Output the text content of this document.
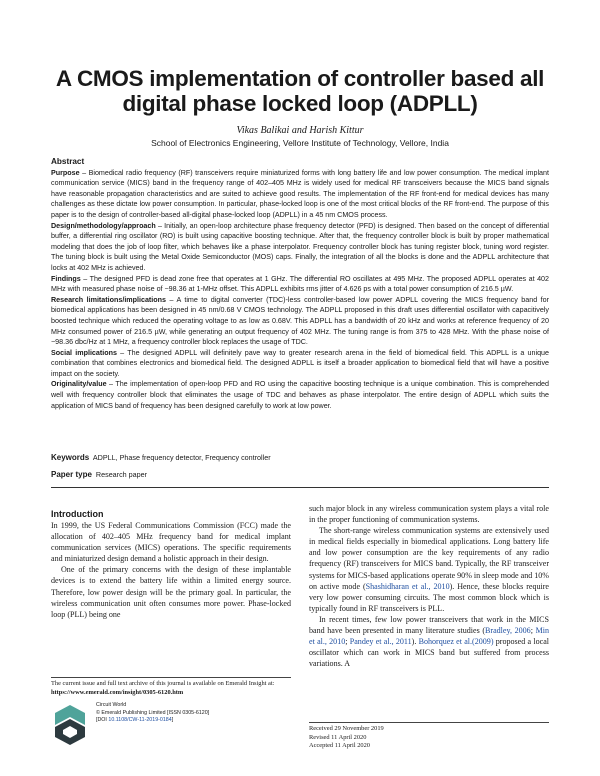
A CMOS implementation of controller based all digital phase locked loop (ADPLL)
Vikas Balikai and Harish Kittur
School of Electronics Engineering, Vellore Institute of Technology, Vellore, India
Abstract

Purpose – Biomedical radio frequency (RF) transceivers require miniaturized forms with long battery life and low power consumption. The medical implant communication service (MICS) band in the frequency range of 402–405 MHz is widely used for medical RF transceivers because the MICS band signals have reasonable propagation characteristics and are suited to achieve good results. The implementation of the RF front-end for medical devices has many challenges as these dictate low power consumption. In particular, phase-locked loop is one of the most critical blocks of the RF front-end. The purpose of this paper is to the design of controller-based all-digital phase-locked loop (ADPLL) in a 45 nm CMOS process.

Design/methodology/approach – Initially, an open-loop architecture phase frequency detector (PFD) is designed. Then based on the concept of differential buffer, a differential ring oscillator (RO) is built using capacitive boosting technique. After that, the frequency controller block is built by proper mathematical modeling that does the job of loop filter, which behaves like a phase interpolator. Frequency controller block has tuning register block, tuning word register. The tuning block is built using the Metal Oxide Semiconductor (MOS) caps. Finally, the integration of all the blocks is done and the ADPLL architecture that locks at 402 MHz is achieved.

Findings – The designed PFD is dead zone free that operates at 1 GHz. The differential RO oscillates at 495 MHz. The proposed ADPLL operates at 402 MHz with measured phase noise of −98.36 at 1-MHz offset. This ADPLL exhibits rms jitter of 4.626 ps with a total power consumption of 216.5 µW.

Research limitations/implications – A time to digital converter (TDC)-less controller-based low power ADPLL covering the MICS frequency band for biomedical applications has been designed in 45 nm/0.68 V CMOS technology. The ADPLL proposed in this draft uses differential oscillator with capacitively boosted technique which reduced the operating voltage to as low as 0.68V. This ADPLL has a bandwidth of 20 kHz and works at reference frequency of 20 MHz consumed power of 216.5 µW, while generating an output frequency of 402 MHz. The tuning range is from 375 to 428 MHz. With the phase noise of −98.36 dbc/Hz at 1 MHz, a frequency controller block replaces the usage of TDC.

Social implications – The designed ADPLL will definitely pave way to greater research arena in the field of biomedical field. This ADPLL is a unique combination that combines electronics and biomedical field. The designed ADPLL is itself a broader application to biomedical field that will have a positive impact on the society.

Originality/value – The implementation of open-loop PFD and RO using the capacitive boosting technique is a unique combination. This is comprehended well with frequency controller block that eliminates the usage of TDC and behaves as phase interpolator. The entire design of ADPLL which suits the application of MICS band of frequency has been designed carefully to work at low power.

Keywords ADPLL, Phase frequency detector, Frequency controller
Paper type Research paper
Introduction

In 1999, the US Federal Communications Commission (FCC) made the allocation of 402–405 MHz frequency band for medical implant communication services (MICS) operations. The specific requirements and miniaturized design demand a holistic approach in their design.

One of the primary concerns with the design of these implantable devices is to extend the battery life within a limited energy source. Therefore, low power design will be the primary goal. In particular, the wireless communication unit often consumes more power. Phase-locked loop (PLL) being one

such major block in any wireless communication system plays a vital role in the proper functioning of communication systems.

The short-range wireless communication systems are extensively used in medical fields especially in biomedical applications. Long battery life and low power consumption are the key requirements of any radio frequency (RF) transceivers for MICS band. Typically, the RF transceiver systems for MICS-based applications operate 90% in sleep mode and 10% on active mode (Shashidharan et al., 2010). Hence, these blocks require very low power consuming circuits. The most common block which is typically found in RF transceivers is PLL.

In recent times, few low power transceivers that work in the MICS band have been presented in many literature studies (Bradley, 2006; Min et al., 2010; Pandey et al., 2011). Bohorquez et al.(2009) proposed a local oscillator which can work in MICS band but suffered from process variations. A

The current issue and full text archive of this journal is available on Emerald Insight at: https://www.emerald.com/insight/0305-6120.htm
Circuit World
© Emerald Publishing Limited [ISSN 0305-6120]
[DOI 10.1108/CW-11-2019-0184]
Received 29 November 2019
Revised 11 April 2020
Accepted 11 April 2020
